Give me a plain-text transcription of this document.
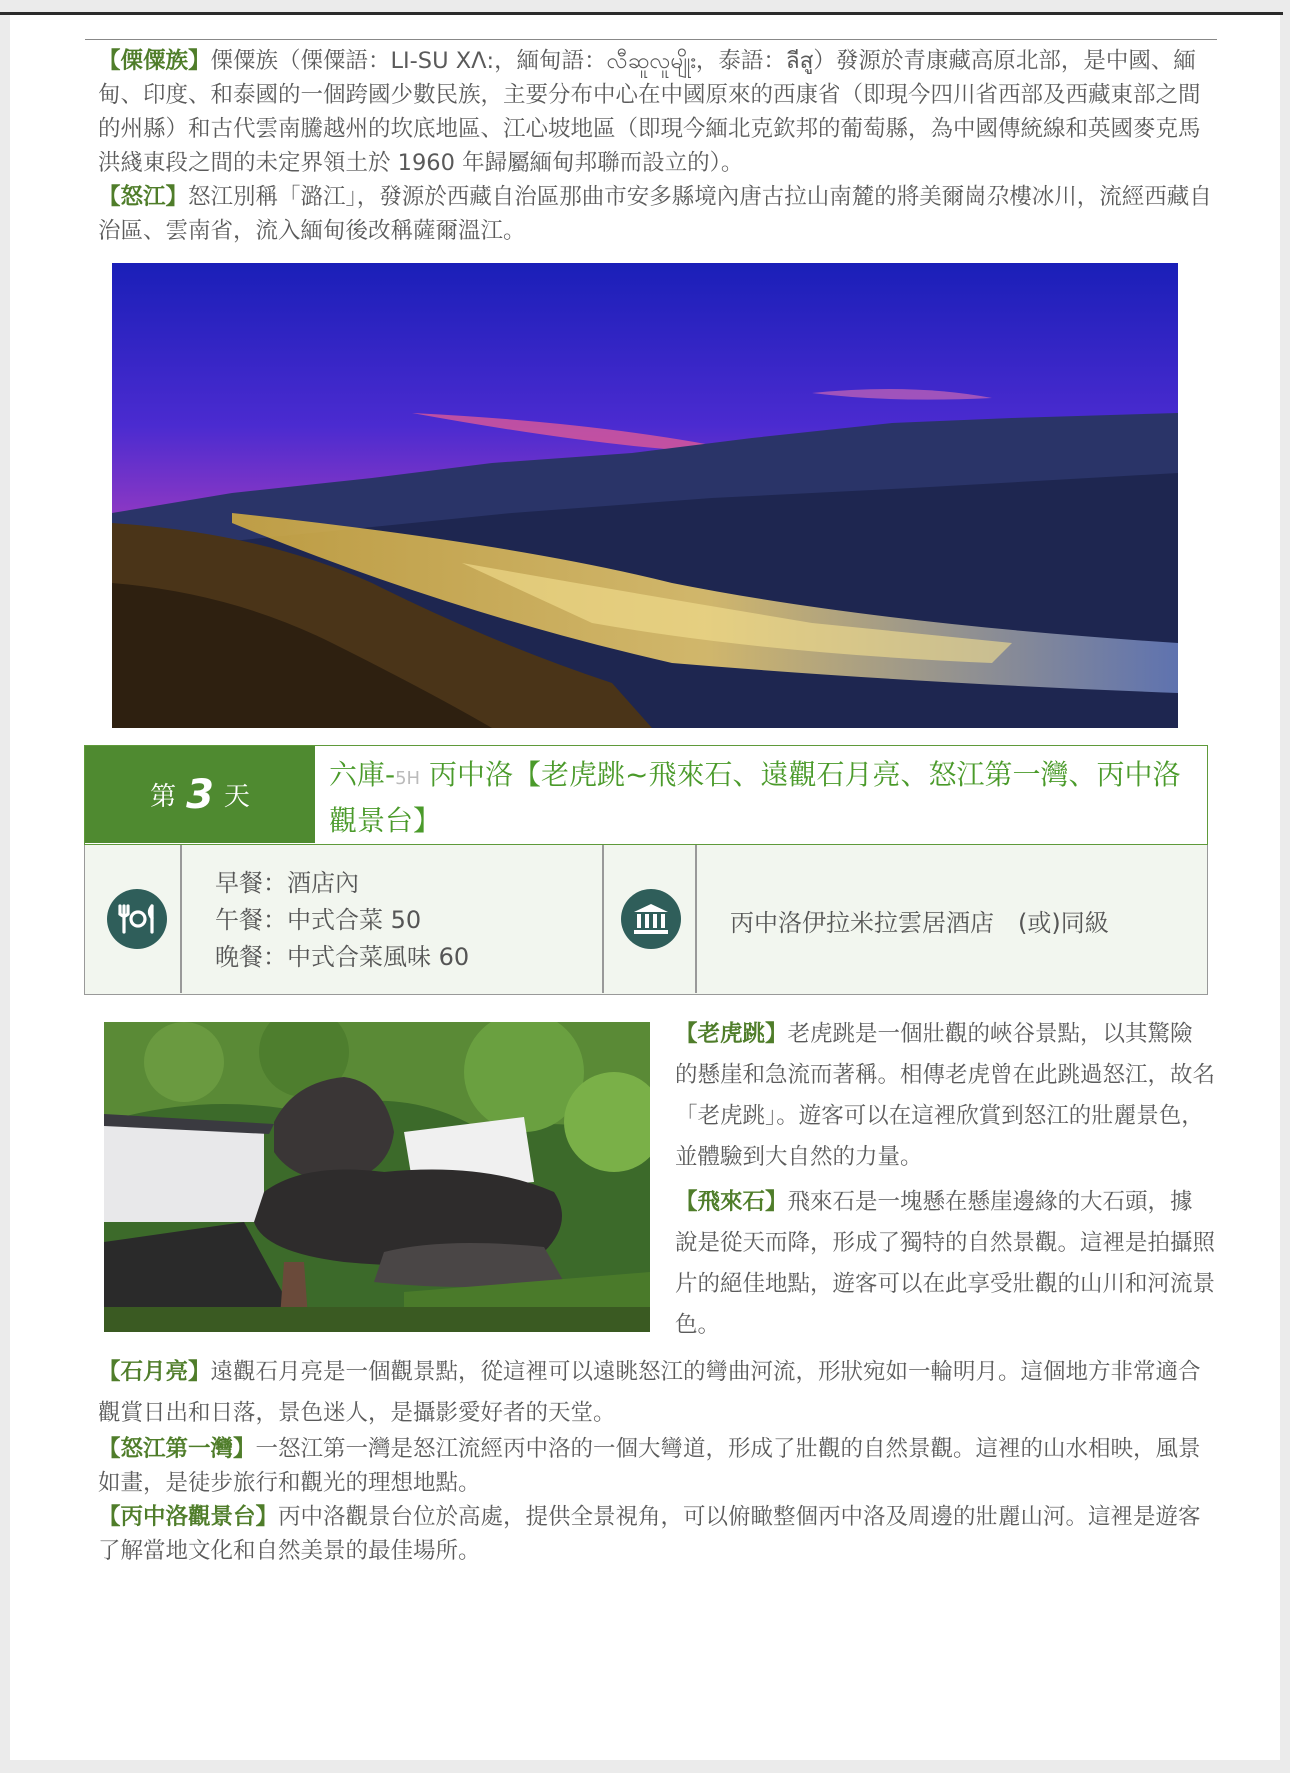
【傈僳族】傈僳族（傈僳語：LI-SU Xꓥ:，緬甸語：လီဆူလူမျိုး，泰語：ลีสู）發源於青康藏高原北部，是中國、緬甸、印度、和泰國的一個跨國少數民族，主要分布中心在中國原來的西康省（即現今四川省西部及西藏東部之間的州縣）和古代雲南騰越州的坎底地區、江心坡地區（即現今緬北克欽邦的葡萄縣，為中國傳統線和英國麥克馬洪綫東段之間的未定界領土於 1960 年歸屬緬甸邦聯而設立的）。

【怒江】怒江別稱「潞江」，發源於西藏自治區那曲市安多縣境內唐古拉山南麓的將美爾崗尕樓冰川，流經西藏自治區、雲南省，流入緬甸後改稱薩爾溫江。

第 3 天

六庫-5H 丙中洛【老虎跳~飛來石、遠觀石月亮、怒江第一灣、丙中洛觀景台】

早餐：酒店內
午餐：中式合菜 50
晚餐：中式合菜風味 60
丙中洛伊拉米拉雲居酒店　(或)同級

【老虎跳】老虎跳是一個壯觀的峽谷景點，以其驚險的懸崖和急流而著稱。相傳老虎曾在此跳過怒江，故名「老虎跳」。遊客可以在這裡欣賞到怒江的壯麗景色，並體驗到大自然的力量。

【飛來石】飛來石是一塊懸在懸崖邊緣的大石頭，據說是從天而降，形成了獨特的自然景觀。這裡是拍攝照片的絕佳地點，遊客可以在此享受壯觀的山川和河流景色。

【石月亮】遠觀石月亮是一個觀景點，從這裡可以遠眺怒江的彎曲河流，形狀宛如一輪明月。這個地方非常適合觀賞日出和日落，景色迷人，是攝影愛好者的天堂。

【怒江第一灣】一怒江第一灣是怒江流經丙中洛的一個大彎道，形成了壯觀的自然景觀。這裡的山水相映，風景如畫，是徒步旅行和觀光的理想地點。

【丙中洛觀景台】丙中洛觀景台位於高處，提供全景視角，可以俯瞰整個丙中洛及周邊的壯麗山河。這裡是遊客了解當地文化和自然美景的最佳場所。
